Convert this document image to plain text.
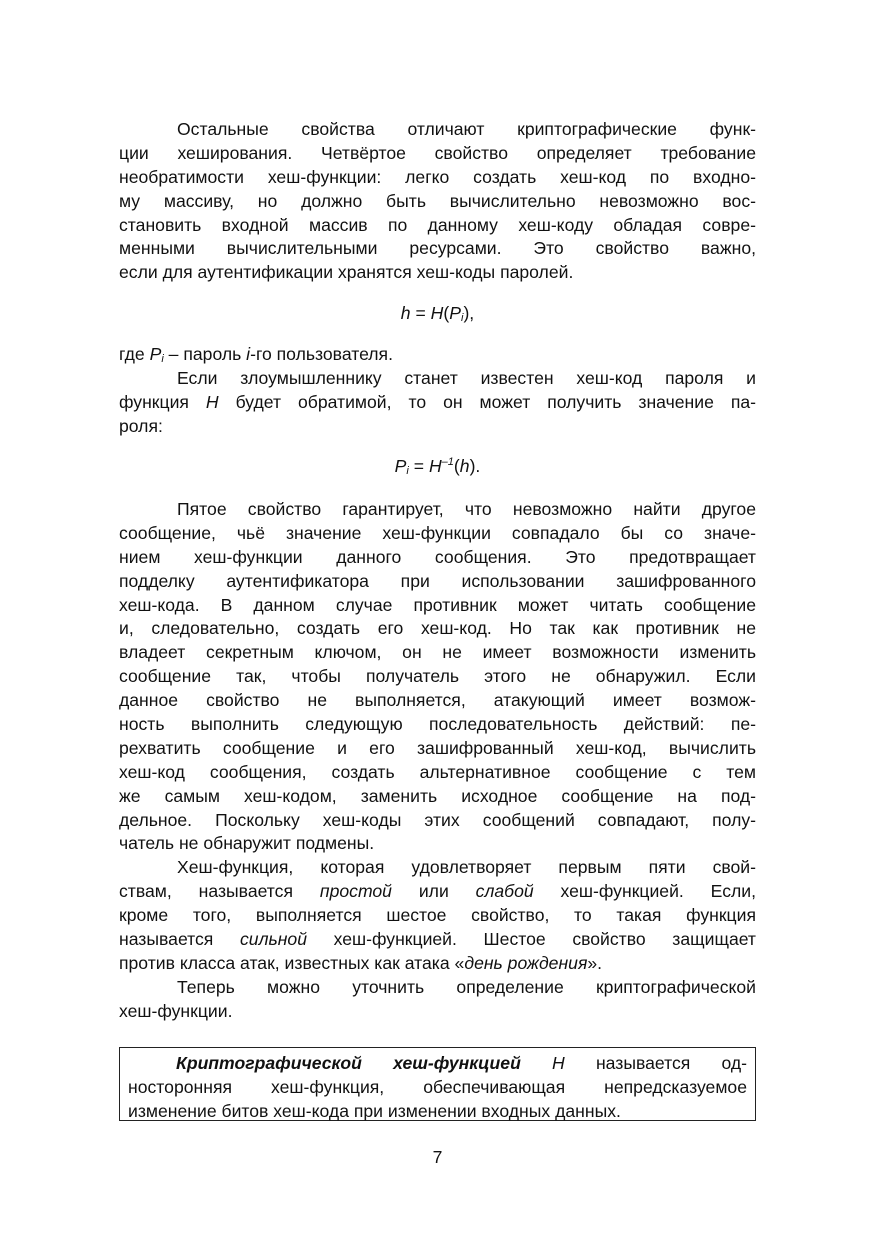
Остальные свойства отличают криптографические функ-
ции хеширования. Четвёртое свойство определяет требование
необратимости хеш-функции: легко создать хеш-код по входно-
му массиву, но должно быть вычислительно невозможно вос-
становить входной массив по данному хеш-коду обладая совре-
менными вычислительными ресурсами. Это свойство важно,
если для аутентификации хранятся хеш-коды паролей.
h = H(Pi),
где Pi – пароль i-го пользователя.
Если злоумышленнику станет известен хеш-код пароля и
функция H будет обратимой, то он может получить значение па-
роля:
$Pi = H^{-1}(h)$.
Пятое свойство гарантирует, что невозможно найти другое
сообщение, чьё значение хеш-функции совпадало бы со значе-
нием хеш-функции данного сообщения. Это предотвращает
подделку аутентификатора при использовании зашифрованного
хеш-кода. В данном случае противник может читать сообщение
и, следовательно, создать его хеш-код. Но так как противник не
владеет секретным ключом, он не имеет возможности изменить
сообщение так, чтобы получатель этого не обнаружил. Если
данное свойство не выполняется, атакующий имеет возмож-
ность выполнить следующую последовательность действий: пе-
рехватить сообщение и его зашифрованный хеш-код, вычислить
хеш-код сообщения, создать альтернативное сообщение с тем
же самым хеш-кодом, заменить исходное сообщение на под-
дельное. Поскольку хеш-коды этих сообщений совпадают, полу-
чатель не обнаружит подмены.
Хеш-функция, которая удовлетворяет первым пяти свой-
ствам, называется простой или слабой хеш-функцией. Если,
кроме того, выполняется шестое свойство, то такая функция
называется сильной хеш-функцией. Шестое свойство защищает
против класса атак, известных как атака «день рождения».
Теперь можно уточнить определение криптографической
хеш-функции.
Криптографической хеш-функцией H называется од-
носторонняя хеш-функция, обеспечивающая непредсказуемое
изменение битов хеш-кода при изменении входных данных.
7
